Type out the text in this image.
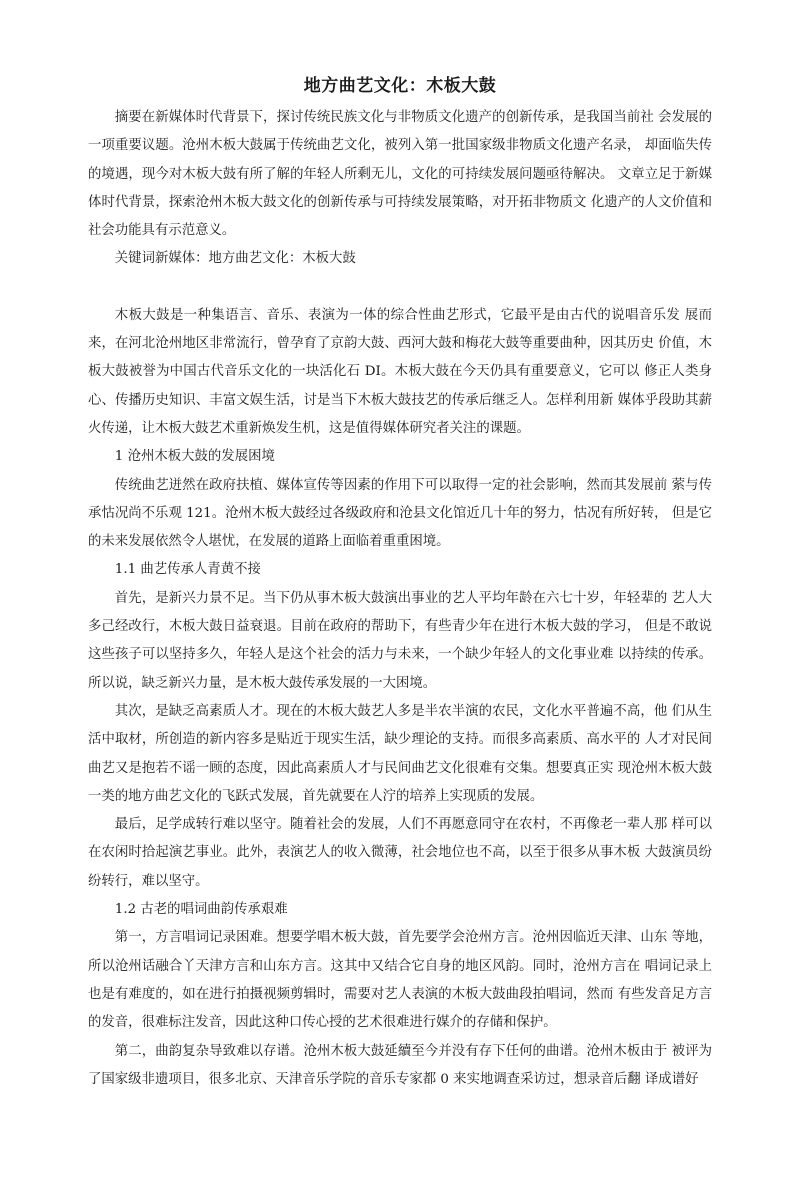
地方曲艺文化：木板大鼓

摘要在新媒体时代背景下，探讨传统民族文化与非物质文化遗产的创新传承，是我国当前社 会发展的一项重要议题。沧州木板大鼓属于传统曲艺文化，被列入第一批国家级非物质文化遗产名录， 却面临失传的境遇，现今对木板大鼓有所了解的年轻人所剩无儿，文化的可持续发展问题亟待解决。 文章立足于新媒体时代背景，探索沧州木板大鼓文化的创新传承与可持续发展策略，对开拓非物质文 化遗产的人文价值和社会功能具有示范意义。

关键词新媒体：地方曲艺文化：木板大鼓

木板大鼓是一种集语言、音乐、表演为一体的综合性曲艺形式，它最平是由古代的说唱音乐发 展而来，在河北沧州地区非常流行，曾孕育了京韵大鼓、西河大鼓和梅花大鼓等重要曲种，因其历史 价值，木板大鼓被誉为中国古代音乐文化的一块活化石 DI。木板大鼓在今天仍具有重要意义，它可以 修正人类身心、传播历史知识、丰富文娱生活，讨是当下木板大鼓技艺的传承后继乏人。怎样利用新 媒体乎段助其薪火传递，让木板大鼓艺术重新焕发生机，这是值得媒体研究者关注的课题。

1 沧州木板大鼓的发展困境

传统曲艺迸然在政府扶植、媒体宣传等因素的作用下可以取得一定的社会影响，然而其发展前 萦与传承怙况尚不乐观 121。沧州木板大鼓经过各级政府和沧县文化馆近几十年的努力，怙况有所好转， 但是它的未来发展依然令人堪忧，在发展的道路上面临着重重困境。

1.1 曲艺传承人青黄不接

首先，是新兴力景不足。当下仍从事木板大鼓演出事业的艺人平均年龄在六七十岁，年轻辈的 艺人大多己经改行，木板大鼓日益衰退。目前在政府的帮助下，有些青少年在进行木板大鼓的学习， 但是不敢说这些孩子可以坚持多久，年轻人是这个社会的活力与未来，一个缺少年轻人的文化事业难 以持续的传承。所以说，缺乏新兴力量，是木板大鼓传承发展的一大困境。

其次，是缺乏高素质人才。现在的木板大鼓艺人多是半农半演的农民，文化水平普遍不高，他 们从生活中取材，所创造的新内容多是贴近于现实生活，缺少理论的支持。而很多高素质、高水平的 人才对民间曲艺又是抱若不谣一顾的态度，因此高素质人才与民间曲艺文化很难有交集。想要真正实 现沧州木板大鼓一类的地方曲艺文化的飞跃式发展，首先就要在人泞的培养上实现质的发展。

最后，足学成转行难以坚守。随着社会的发展，人们不再愿意同守在农村，不再像老一辈人那 样可以在农闲时拾起演艺事业。此外，表演艺人的收入微薄，社会地位也不高，以至于很多从事木板 大鼓演员纷纷转行，难以坚守。

1.2 古老的唱词曲韵传承艰难

第一，方言唱词记录困难。想要学唱木板大鼓，首先要学会沧州方言。沧州因临近天津、山东 等地，所以沧州话融合丫天津方言和山东方言。这其中又结合它自身的地区风韵。同时，沧州方言在 唱词记录上也是有难度的，如在进行拍摄视频剪辑时，需要对艺人表演的木板大鼓曲段拍唱词，然而 有些发音足方言的发音，很难标注发音，因此这种口传心授的艺术很难进行媒介的存储和保护。

第二，曲韵复杂导致难以存谱。沧州木板大鼓延續至今并没有存下任何的曲谱。沧州木板由于 被评为了国家级非遗项目，很多北京、天津音乐学院的音乐专家都 0 来实地调查采访过，想录音后翻 译成谱好
